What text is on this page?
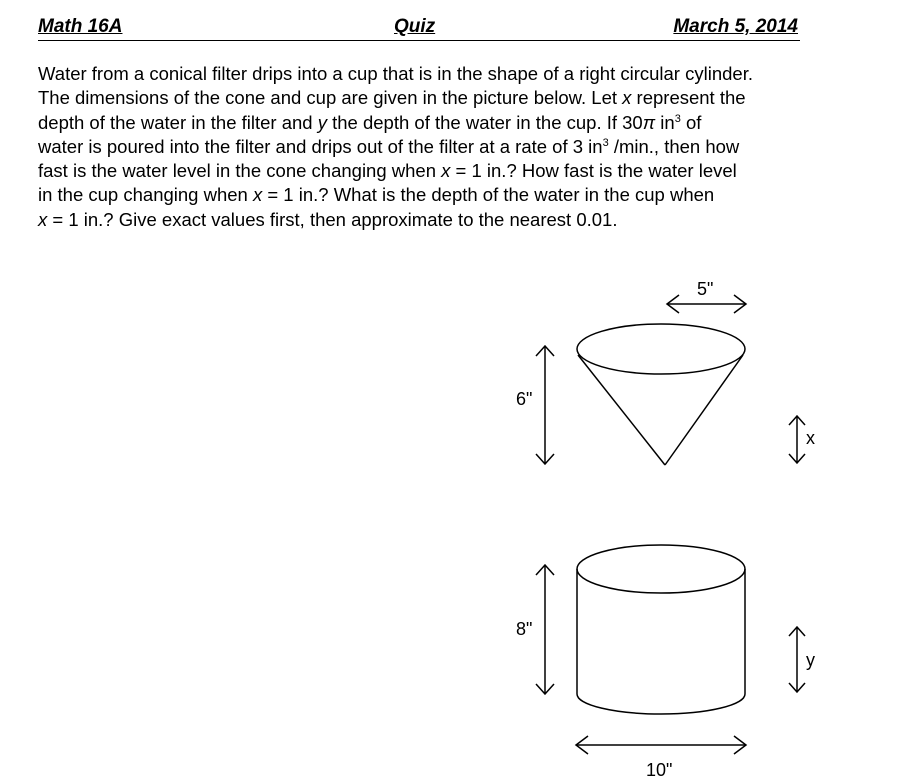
Math 16A	Quiz	March 5, 2014
Water from a conical filter drips into a cup that is in the shape of a right circular cylinder.
The dimensions of the cone and cup are given in the picture below. Let x represent the
depth of the water in the filter and y the depth of the water in the cup. If 30π $in^3$ of
water is poured into the filter and drips out of the filter at a rate of 3 $in^3$ /min., then how
fast is the water level in the cone changing when x = 1 in.? How fast is the water level
in the cup changing when x = 1 in.? What is the depth of the water in the cup when
x = 1 in.? Give exact values first, then approximate to the nearest 0.01.
5"
6"
x
8"
y
10"
